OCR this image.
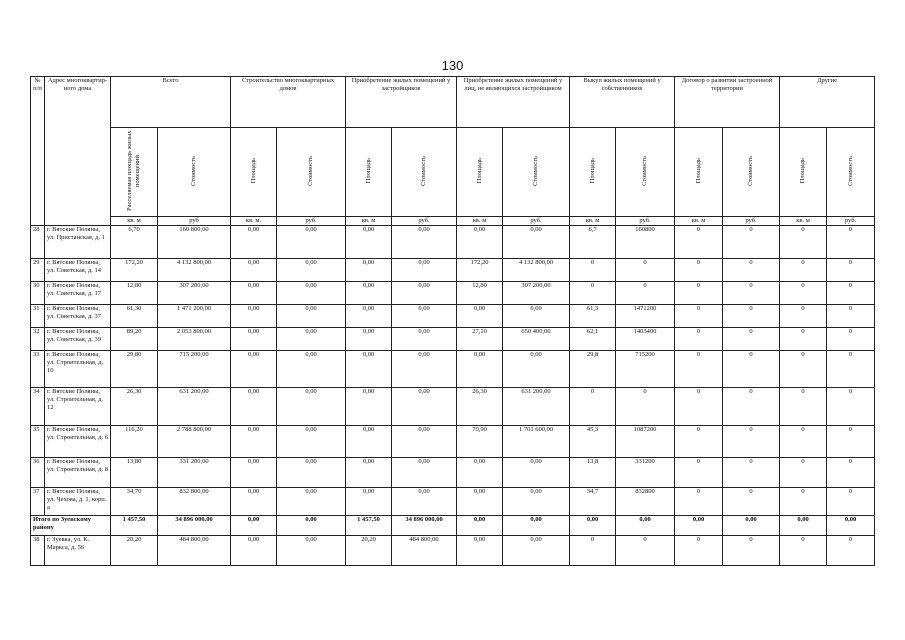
130
№ п/п	Адрес многоквартир-ного дома	Всего		Строительство многоквартирных домов		Приобретение жилых помещений у застройщиков		Приобретение жилых помещений у лиц, не являющихся застройщиком		Выкуп жилых помещений у собственников		Договор о развитии застроенной территории		Другие	
		Расселяемая площадь жилых помещений	Стоимость	Площадь	Стоимость	Площадь	Стоимость	Площадь	Стоимость	Площадь	Стоимость	Площадь	Стоимость	Площадь	Стоимость
		кв. м	руб	кв. м.	руб.	кв. м	руб.	кв. м	руб.	кв. м	руб.	кв. м	руб.	кв. м	руб.
28	г. Вятские Поляны, ул. Пристанская, д. 1	6,70	160 800,00	0,00	0,00	0,00	0,00	0,00	0,00	6,7	160800	0	0	0	0
29	г. Вятские Поляны, ул. Советская, д. 14	172,20	4 132 800,00	0,00	0,00	0,00	0,00	172,20	4 132 800,00	0	0	0	0	0	0
30	г. Вятские Поляны, ул. Советская, д. 17	12,80	307 200,00	0,00	0,00	0,00	0,00	12,80	307 200,00	0	0	0	0	0	0
31	г. Вятские Поляны, ул. Советская, д. 37	61,30	1 471 200,00	0,00	0,00	0,00	0,00	0,00	0,00	61,3	1471200	0	0	0	0
32	г. Вятские Поляны, ул. Советская, д. 39	89,20	2 053 800,00	0,00	0,00	0,00	0,00	27,10	650 400,00	62,1	1403400	0	0	0	0
33	г. Вятские Поляны, ул. Строительная, д. 10	29,80	715 200,00	0,00	0,00	0,00	0,00	0,00	0,00	29,8	715200	0	0	0	0
34	г. Вятские Поляны, ул. Строительная, д. 12	26,30	631 200,00	0,00	0,00	0,00	0,00	26,30	631 200,00	0	0	0	0	0	0
35	г. Вятские Поляны, ул. Строительная, д. 6	116,20	2 788 800,00	0,00	0,00	0,00	0,00	70,90	1 701 600,00	45,3	1087200	0	0	0	0
36	г. Вятские Поляны, ул. Строительная, д. 8	13,80	331 200,00	0,00	0,00	0,00	0,00	0,00	0,00	13,8	331200	0	0	0	0
37	г. Вятские Поляны, ул. Чехова, д. 1, корп. а	34,70	832 800,00	0,00	0,00	0,00	0,00	0,00	0,00	34,7	832800	0	0	0	0
Итого по Зуевскому району		1 457,50	34 896 000,00	0,00	0,00	1 457,50	34 896 000,00	0,00	0,00	0,00	0,00	0,00	0,00	0,00	0,00
38	г. Зуевка, ул. К. Маркса, д. 56	20,20	484 800,00	0,00	0,00	20,20	484 800,00	0,00	0,00	0	0	0	0	0	0
